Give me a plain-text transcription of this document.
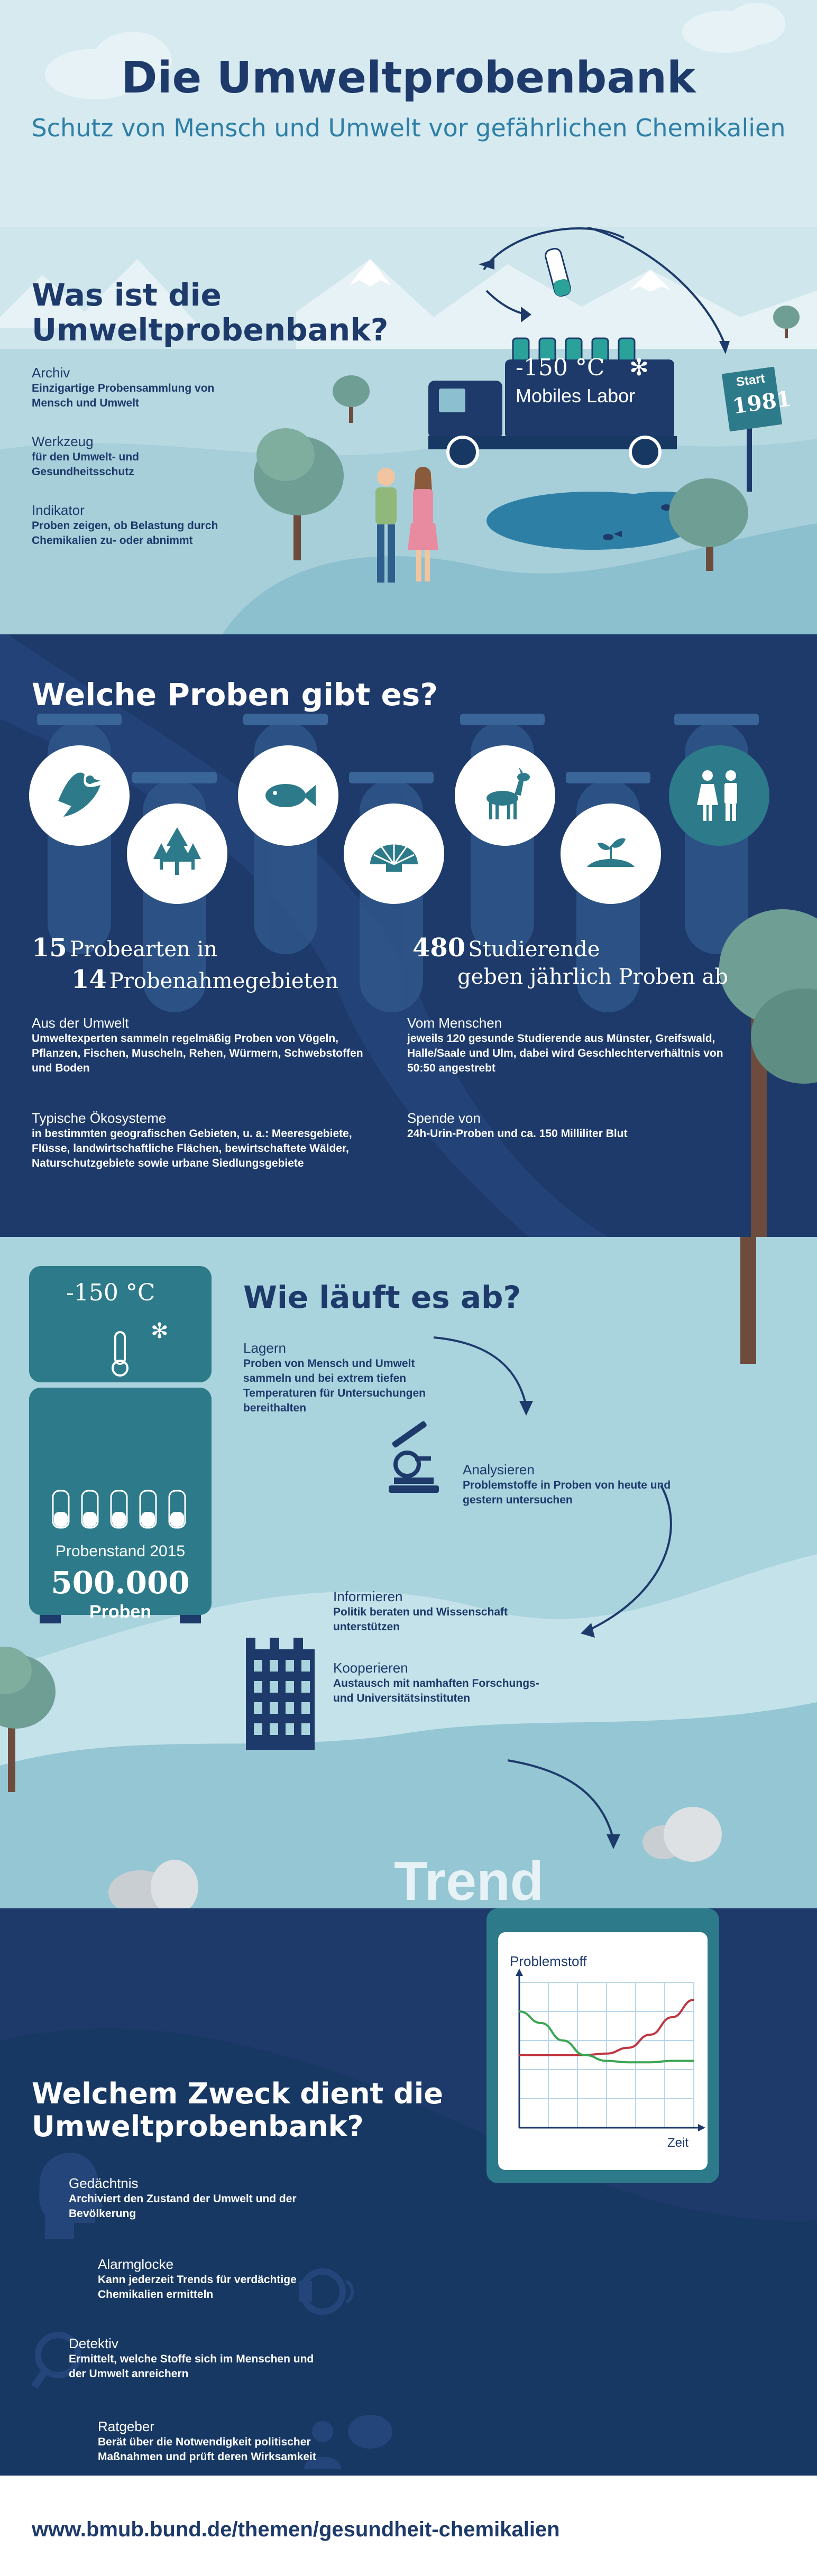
Die Umweltprobenbank
Schutz von Mensch und Umwelt vor gefährlichen Chemikalien
-150 °C ✻
Mobiles Labor
Start
1981
Was ist die Umweltprobenbank?
Archiv
Einzigartige Probensammlung von Mensch und Umwelt
Werkzeug
für den Umwelt- und Gesundheitsschutz
Indikator
Proben zeigen, ob Belastung durch Chemikalien zu- oder abnimmt
Welche Proben gibt es?
15 Probearten in
14 Probenahmegebieten
480 Studierende
geben jährlich Proben ab
Aus der Umwelt
Umweltexperten sammeln regelmäßig Proben von Vögeln, Pflanzen, Fischen, Muscheln, Rehen, Würmern, Schwebstoffen und Boden
Typische Ökosysteme
in bestimmten geografischen Gebieten, u. a.: Meeresgebiete, Flüsse, landwirtschaftliche Flächen, bewirtschaftete Wälder, Naturschutzgebiete sowie urbane Siedlungsgebiete
Vom Menschen
jeweils 120 gesunde Studierende aus Münster, Greifswald, Halle/Saale und Ulm, dabei wird Geschlechterverhältnis von 50:50 angestrebt
Spende von
24h-Urin-Proben und ca. 150 Milliliter Blut
-150 °C
✻
Probenstand 2015
500.000
Proben
Wie läuft es ab?
Lagern
Proben von Mensch und Umwelt sammeln und bei extrem tiefen Temperaturen für Untersuchungen bereithalten
Analysieren
Problemstoffe in Proben von heute und gestern untersuchen
Informieren
Politik beraten und Wissenschaft unterstützen
Kooperieren
Austausch mit namhaften Forschungs- und Universitätsinstituten
Trend
Problemstoff
Zeit
Welchem Zweck dient die Umweltprobenbank?
Gedächtnis
Archiviert den Zustand der Umwelt und der Bevölkerung
Alarmglocke
Kann jederzeit Trends für verdächtige Chemikalien ermitteln
Detektiv
Ermittelt, welche Stoffe sich im Menschen und der Umwelt anreichern
Ratgeber
Berät über die Notwendigkeit politischer Maßnahmen und prüft deren Wirksamkeit
www.bmub.bund.de/themen/gesundheit-chemikalien
